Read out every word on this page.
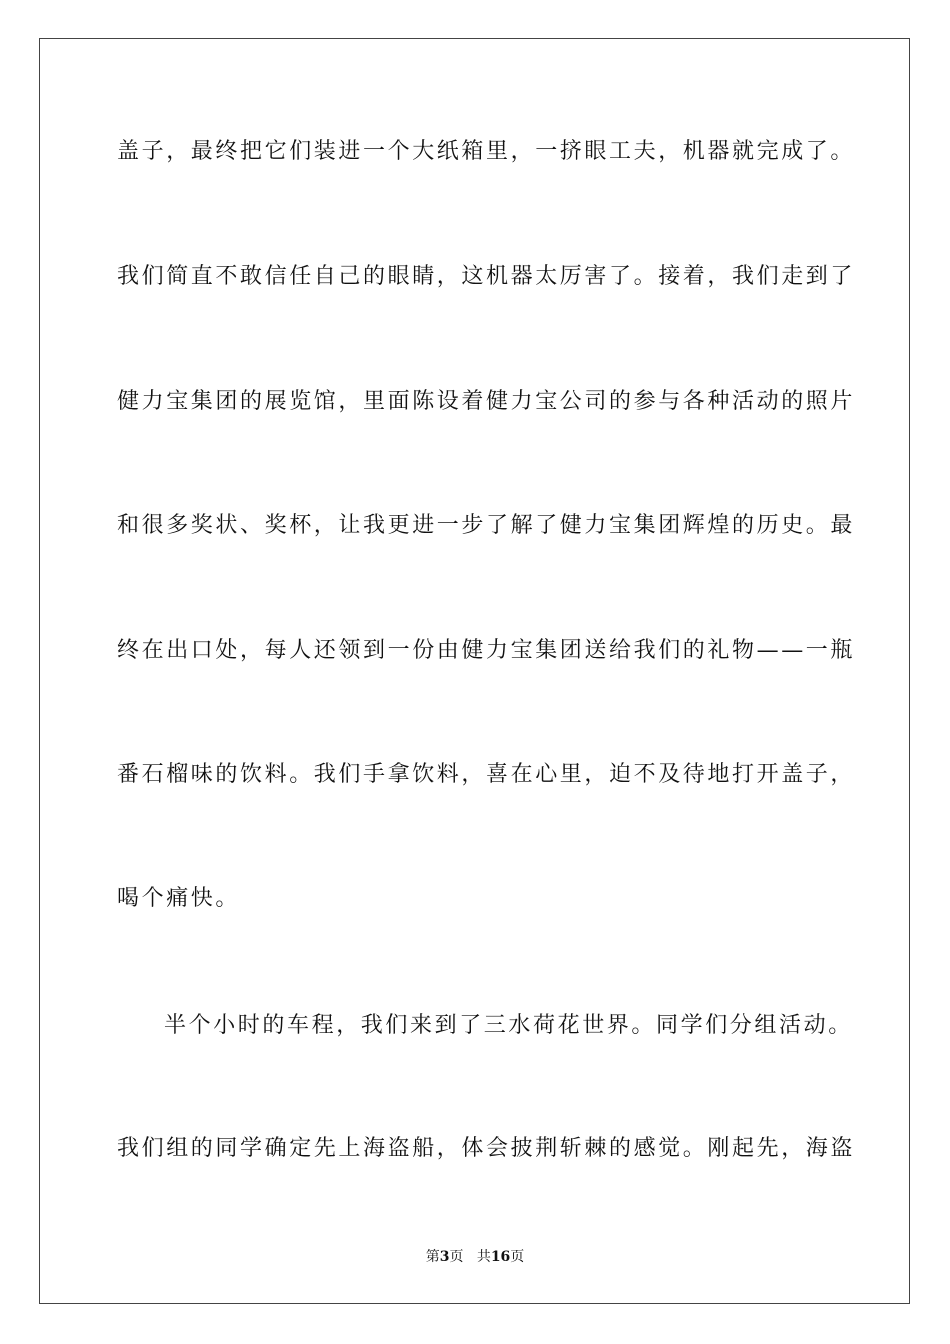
盖子，最终把它们装进一个大纸箱里，一挤眼工夫，机器就完成了。
我们简直不敢信任自己的眼睛，这机器太厉害了。接着，我们走到了
健力宝集团的展览馆，里面陈设着健力宝公司的参与各种活动的照片
和很多奖状、奖杯，让我更进一步了解了健力宝集团辉煌的历史。最
终在出口处，每人还领到一份由健力宝集团送给我们的礼物——一瓶
番石榴味的饮料。我们手拿饮料，喜在心里，迫不及待地打开盖子，
喝个痛快。
半个小时的车程，我们来到了三水荷花世界。同学们分组活动。
我们组的同学确定先上海盗船，体会披荆斩棘的感觉。刚起先，海盗
第3页 共16页
